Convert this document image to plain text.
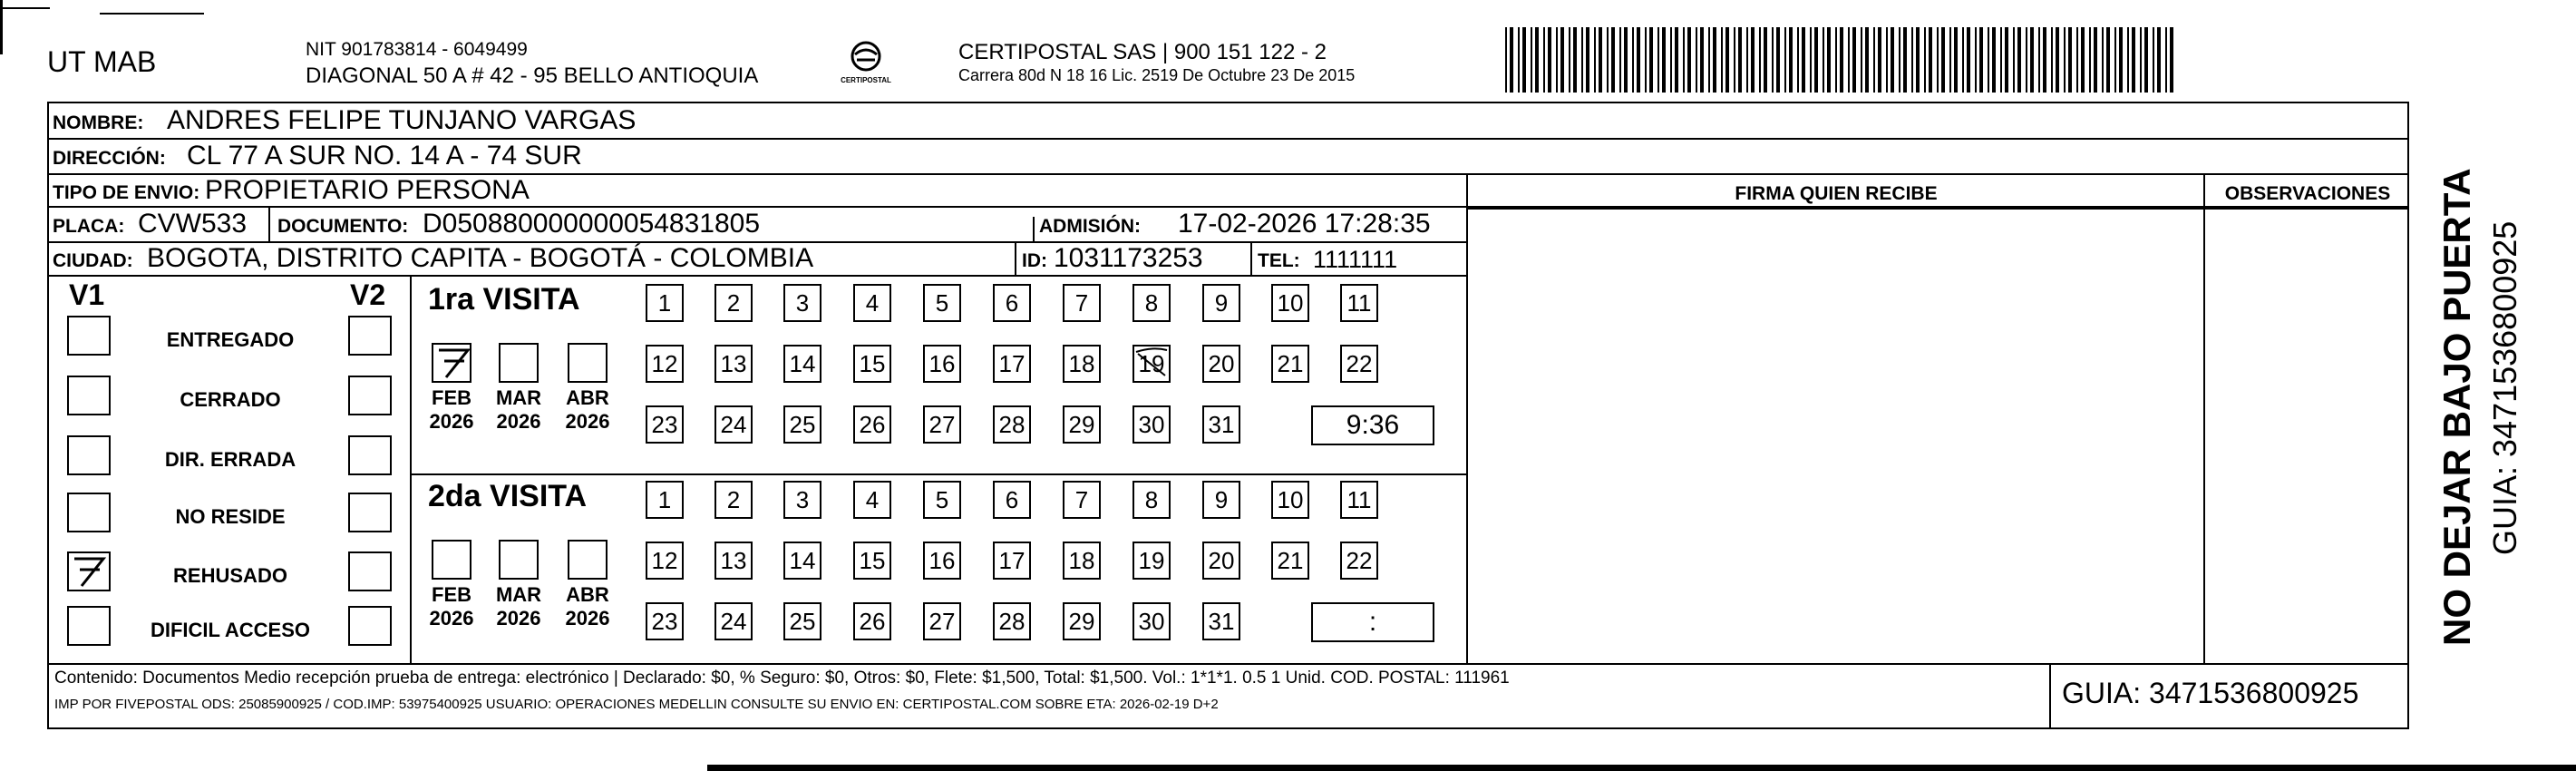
UT MAB	NIT 901783814 - 6049499
DIAGONAL 50 A # 42 - 95 BELLO ANTIOQUIA	CERTIPOSTAL
CERTIPOSTAL SAS | 900 151 122 - 2
Carrera 80d N 18 16 Lic. 2519 De Octubre 23 De 2015
NOMBRE: ANDRES FELIPE TUNJANO VARGAS
DIRECCIÓN: CL 77 A SUR NO. 14 A - 74 SUR
TIPO DE ENVIO: PROPIETARIO PERSONA
PLACA: CVW533 DOCUMENTO: D050880000000054831805	ADMISIÓN: 17-02-2026 17:28:35
CIUDAD: BOGOTA, DISTRITO CAPITA - BOGOTÁ - COLOMBIA	ID: 1031173253	TEL: 1111111
FIRMA QUIEN RECIBE	OBSERVACIONES
V1	V2
ENTREGADO
CERRADO
DIR. ERRADA
NO RESIDE
REHUSADO
DIFICIL ACCESO
1ra VISITA
FEB
2026
MAR
2026
ABR
2026
1	2	3	4	5	6	7	8	9	10 11
12 13 14 15 16 17 18 19 20 21 22
23 24 25 26 27 28 29 30 31	9:36
2da VISITA
FEB
2026
MAR
2026
ABR
2026
1	2	3	4	5	6	7	8	9	10 11
12 13 14 15 16 17 18 19 20 21 22
23 24 25 26 27 28 29 30 31	:
Contenido: Documentos Medio recepción prueba de entrega: electrónico | Declarado: $0, % Seguro: $0, Otros: $0, Flete: $1,500, Total: $1,500. Vol.: 1*1*1. 0.5 1 Unid. COD. POSTAL: 111961
IMP POR FIVEPOSTAL ODS: 25085900925 / COD.IMP: 53975400925 USUARIO: OPERACIONES MEDELLIN CONSULTE SU ENVIO EN: CERTIPOSTAL.COM SOBRE ETA: 2026-02-19 D+2	GUIA: 3471536800925
NO DEJAR BAJO PUERTA GUIA: 3471536800925
